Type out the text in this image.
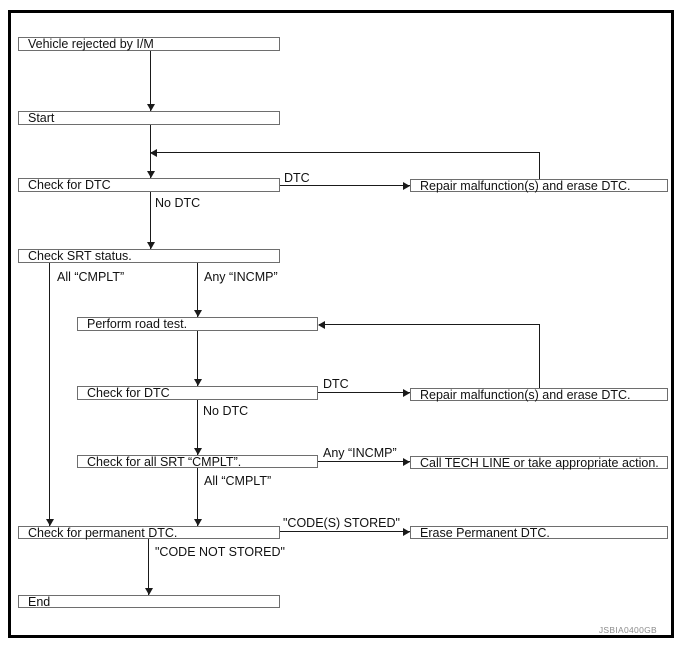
Vehicle rejected by I/M
Start
Check for DTC
Check SRT status.
Perform road test.
Check for DTC
Check for all SRT “CMPLT”.
Check for permanent DTC.
End
Repair malfunction(s) and erase DTC.
Repair malfunction(s) and erase DTC.
Call TECH LINE or take appropriate action.
Erase Permanent DTC.
No DTC
DTC
All “CMPLT”	Any “INCMP”
DTC
No DTC
Any “INCMP”
All “CMPLT”
"CODE(S) STORED"
"CODE NOT STORED"
JSBIA0400GB
